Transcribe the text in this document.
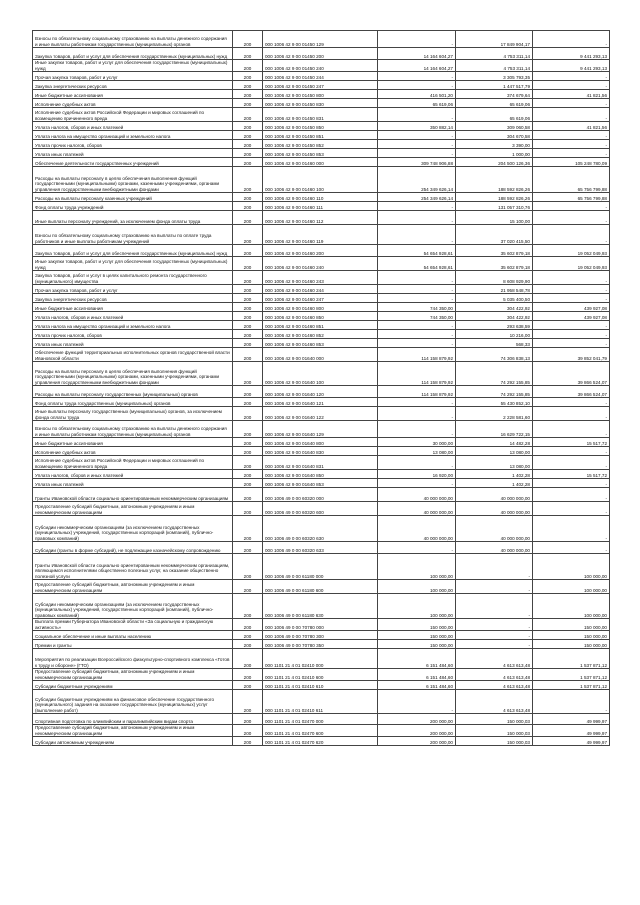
Взносы по обязательному социальному страхованию на выплаты денежного содержания и иные выплаты работникам государственных (муниципальных) органов	200	000 1006 42 9 00 01450 129	-	17 849 904,17	-
Закупка товаров, работ и услуг для обеспечения государственных (муниципальных) нужд	200	000 1006 42 9 00 01450 200	14 164 604,27	4 753 311,14	9 441 293,13
Иные закупки товаров, работ и услуг для обеспечения государственных (муниципальных) нужд	200	000 1006 42 9 00 01450 240	14 164 604,27	4 753 311,14	9 441 293,13
Прочая закупка товаров, работ и услуг	200	000 1006 42 9 00 01450 244	-	3 305 793,35	-
Закупка энергетических ресурсов	200	000 1006 42 9 00 01450 247	-	1 447 517,79	-
Иные бюджетные ассигнования	200	000 1006 42 9 00 01450 800	416 501,20	374 679,64	41 821,56
Исполнение судебных актов	200	000 1006 42 9 00 01450 830	65 619,06	65 619,06	-
Исполнение судебных актов Российской Федерации и мировых соглашений по возмещению причиненного вреда	200	000 1006 42 9 00 01450 831	-	65 619,06	-
Уплата налогов, сборов и иных платежей	200	000 1006 42 9 00 01450 850	350 882,14	309 060,58	41 821,56
Уплата налога на имущество организаций и земельного налога	200	000 1006 42 9 00 01450 851	-	304 670,58	-
Уплата прочих налогов, сборов	200	000 1006 42 9 00 01450 852	-	3 390,00	-
Уплата иных платежей	200	000 1006 42 9 00 01450 853	-	1 000,00	-
Обеспечение деятельности государственных учреждений	200	000 1006 42 9 00 01460 000	309 748 906,88	204 500 126,36	105 248 780,09
Расходы на выплаты персоналу в целях обеспечения выполнения функций государственными (муниципальными) органами, казенными учреждениями, органами управления государственными внебюджетными фондами	200	000 1006 42 9 00 01460 100	254 349 626,14	188 592 826,26	65 756 799,88
Расходы на выплаты персоналу казенных учреждений	200	000 1006 42 9 00 01460 110	254 349 626,14	188 592 826,26	65 756 799,88
Фонд оплаты труда учреждений	200	000 1006 42 9 00 01460 111	-	131 057 310,76	-
Иные выплаты персоналу учреждений, за исключением фонда оплаты труда	200	000 1006 42 9 00 01460 112	-	15 100,00	-
Взносы по обязательному социальному страхованию на выплаты по оплате труда работников и иные выплаты работникам учреждений	200	000 1006 42 9 00 01460 119	-	37 020 415,50	-
Закупка товаров, работ и услуг для обеспечения государственных (муниципальных) нужд	200	000 1006 42 9 00 01460 200	54 654 928,61	35 602 879,18	19 052 049,93
Иные закупки товаров, работ и услуг для обеспечения государственных (муниципальных) нужд	200	000 1006 42 9 00 01460 240	54 654 928,61	35 602 879,18	19 052 049,93
Закупка товаров, работ и услуг в целях капитального ремонта государственного (муниципального) имущества	200	000 1006 42 9 00 01460 243	-	8 608 929,90	-
Прочая закупка товаров, работ и услуг	200	000 1006 42 9 00 01460 244	-	21 958 548,78	-
Закупка энергетических ресурсов	200	000 1006 42 9 00 01460 247	-	5 035 400,50	-
Иные бюджетные ассигнования	200	000 1006 42 9 00 01460 800	744 350,00	304 422,92	439 927,08
Уплата налогов, сборов и иных платежей	200	000 1006 42 9 00 01460 850	744 350,00	304 422,92	439 927,08
Уплата налога на имущество организаций и земельного налога	200	000 1006 42 9 00 01460 851	-	293 638,59	-
Уплата прочих налогов, сборов	200	000 1006 42 9 00 01460 852	-	10 216,00	-
Уплата иных платежей	200	000 1006 42 9 00 01460 853	-	568,33	-
Обеспечение функций территориальных исполнительных органов государственной власти Ивановской области	200	000 1006 42 9 00 01640 000	114 158 879,92	74 306 838,13	39 852 041,79
Расходы на выплаты персоналу в целях обеспечения выполнения функций государственными (муниципальными) органами, казенными учреждениями, органами управления государственными внебюджетными фондами	200	000 1006 42 9 00 01640 100	114 158 879,92	74 292 155,85	39 866 524,07
Расходы на выплаты персоналу государственных (муниципальных) органов	200	000 1006 42 9 00 01640 120	114 158 879,92	74 292 155,85	39 866 524,07
Фонд оплаты труда государственных (муниципальных) органов	200	000 1006 42 9 00 01640 121	-	55 430 852,10	-
Иные выплаты персоналу государственных (муниципальных) органов, за исключением фонда оплаты труда	200	000 1006 42 9 00 01640 122	-	2 228 581,60	-
Взносы по обязательному социальному страхованию на выплаты денежного содержания и иные выплаты работникам государственных (муниципальных) органов	200	000 1006 42 9 00 01640 129	-	16 629 722,15	-
Иные бюджетные ассигнования	200	000 1006 42 9 00 01640 800	30 000,00	14 482,28	15 517,72
Исполнение судебных актов	200	000 1006 42 9 00 01640 830	13 080,00	13 080,00	-
Исполнение судебных актов Российской Федерации и мировых соглашений по возмещению причиненного вреда	200	000 1006 42 9 00 01640 831	-	13 080,00	-
Уплата налогов, сборов и иных платежей	200	000 1006 42 9 00 01640 850	16 920,00	1 402,28	15 517,72
Уплата иных платежей	200	000 1006 42 9 00 01640 853	-	1 402,28	-
Гранты Ивановской области социально ориентированным некоммерческим организациям	200	000 1006 49 0 00 60320 000	40 000 000,00	40 000 000,00	-
Предоставление субсидий бюджетным, автономным учреждениям и иным некоммерческим организациям	200	000 1006 49 0 00 60320 600	40 000 000,00	40 000 000,00	-
Субсидии некоммерческим организациям (за исключением государственных (муниципальных) учреждений, государственных корпораций (компаний), публично-правовых компаний)	200	000 1006 49 0 00 60320 630	40 000 000,00	40 000 000,00	-
Субсидии (гранты в форме субсидий), не подлежащие казначейскому сопровождению	200	000 1006 49 0 00 60320 633	-	40 000 000,00	-
Гранты Ивановской области социально ориентированным некоммерческим организациям, являющимся исполнителями общественно полезных услуг, на оказание общественно полезной услуги	200	000 1006 49 0 00 61180 000	100 000,00	-	100 000,00
Предоставление субсидий бюджетным, автономным учреждениям и иным некоммерческим организациям	200	000 1006 49 0 00 61180 600	100 000,00	-	100 000,00
Субсидии некоммерческим организациям (за исключением государственных (муниципальных) учреждений, государственных корпораций (компаний), публично-правовых компаний)	200	000 1006 49 0 00 61180 630	100 000,00	-	100 000,00
Выплата премии Губернатора Ивановской области «За социальную и гражданскую активность»	200	000 1006 49 0 00 70780 000	150 000,00	-	150 000,00
Социальное обеспечение и иные выплаты населению	200	000 1006 49 0 00 70780 300	150 000,00	-	150 000,00
Премии и гранты	200	000 1006 49 0 00 70780 350	150 000,00	-	150 000,00
Мероприятия по реализации Всероссийского физкультурно-спортивного комплекса «Готов к труду и обороне» (ГТО)	200	000 1101 21 4 01 02410 000	6 151 484,60	4 613 613,48	1 537 871,12
Предоставление субсидий бюджетным, автономным учреждениям и иным некоммерческим организациям	200	000 1101 21 4 01 02410 600	6 151 484,60	4 613 613,48	1 537 871,12
Субсидии бюджетным учреждениям	200	000 1101 21 4 01 02410 610	6 151 484,60	4 613 613,48	1 537 871,12
Субсидии бюджетным учреждениям на финансовое обеспечение государственного (муниципального) задания на оказание государственных (муниципальных) услуг (выполнение работ)	200	000 1101 21 4 01 02410 611	-	4 613 613,48	-
Спортивная подготовка по олимпийским и паралимпийским видам спорта	200	000 1101 21 4 01 02470 000	200 000,00	150 000,03	49 999,97
Предоставление субсидий бюджетным, автономным учреждениям и иным некоммерческим организациям	200	000 1101 21 4 01 02470 600	200 000,00	150 000,03	49 999,97
Субсидии автономным учреждениям	200	000 1101 21 4 01 02470 620	200 000,00	150 000,03	49 999,97
